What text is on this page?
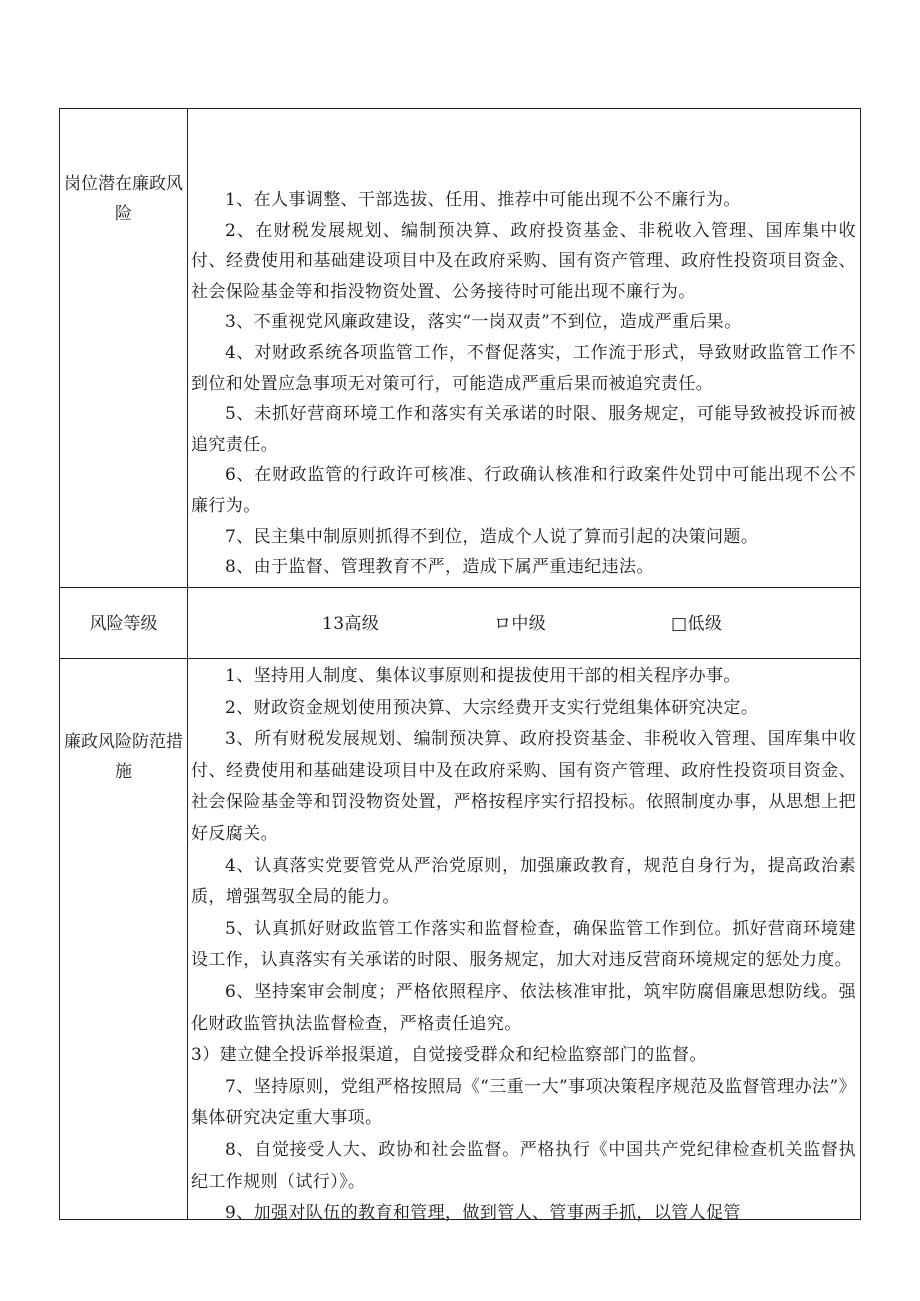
岗位潜在廉政风险

1、在人事调整、干部选拔、任用、推荐中可能出现不公不廉行为。

2、在财税发展规划、编制预决算、政府投资基金、非税收入管理、国库集中收付、经费使用和基础建设项目中及在政府采购、国有资产管理、政府性投资项目资金、社会保险基金等和指没物资处置、公务接待时可能出现不廉行为。

3、不重视党风廉政建设，落实“一岗双责”不到位，造成严重后果。

4、对财政系统各项监管工作，不督促落实，工作流于形式，导致财政监管工作不到位和处置应急事项无对策可行，可能造成严重后果而被追究责任。

5、未抓好营商环境工作和落实有关承诺的时限、服务规定，可能导致被投诉而被追究责任。

6、在财政监管的行政许可核准、行政确认核准和行政案件处罚中可能出现不公不廉行为。

7、民主集中制原则抓得不到位，造成个人说了算而引起的决策问题。

8、由于监督、管理教育不严，造成下属严重违纪违法。

风险等级	13高级	ロ中级	□低级
廉政风险防范措施

1、坚持用人制度、集体议事原则和提拔使用干部的相关程序办事。

2、财政资金规划使用预决算、大宗经费开支实行党组集体研究决定。

3、所有财税发展规划、编制预决算、政府投资基金、非税收入管理、国库集中收付、经费使用和基础建设项目中及在政府采购、国有资产管理、政府性投资项目资金、社会保险基金等和罚没物资处置，严格按程序实行招投标。依照制度办事，从思想上把好反腐关。

4、认真落实党要管党从严治党原则，加强廉政教育，规范自身行为，提高政治素质，增强驾驭全局的能力。

5、认真抓好财政监管工作落实和监督检查，确保监管工作到位。抓好营商环境建设工作，认真落实有关承诺的时限、服务规定，加大对违反营商环境规定的惩处力度。

6、坚持案审会制度；严格依照程序、依法核准审批，筑牢防腐倡廉思想防线。强化财政监管执法监督检查，严格责任追究。

3）建立健全投诉举报渠道，自觉接受群众和纪检监察部门的监督。

7、坚持原则，党组严格按照局《“三重一大”事项决策程序规范及监督管理办法”》集体研究决定重大事项。

8、自觉接受人大、政协和社会监督。严格执行《中国共产党纪律检查机关监督执纪工作规则（试行）》。

9、加强对队伍的教育和管理，做到管人、管事两手抓，以管人促管
